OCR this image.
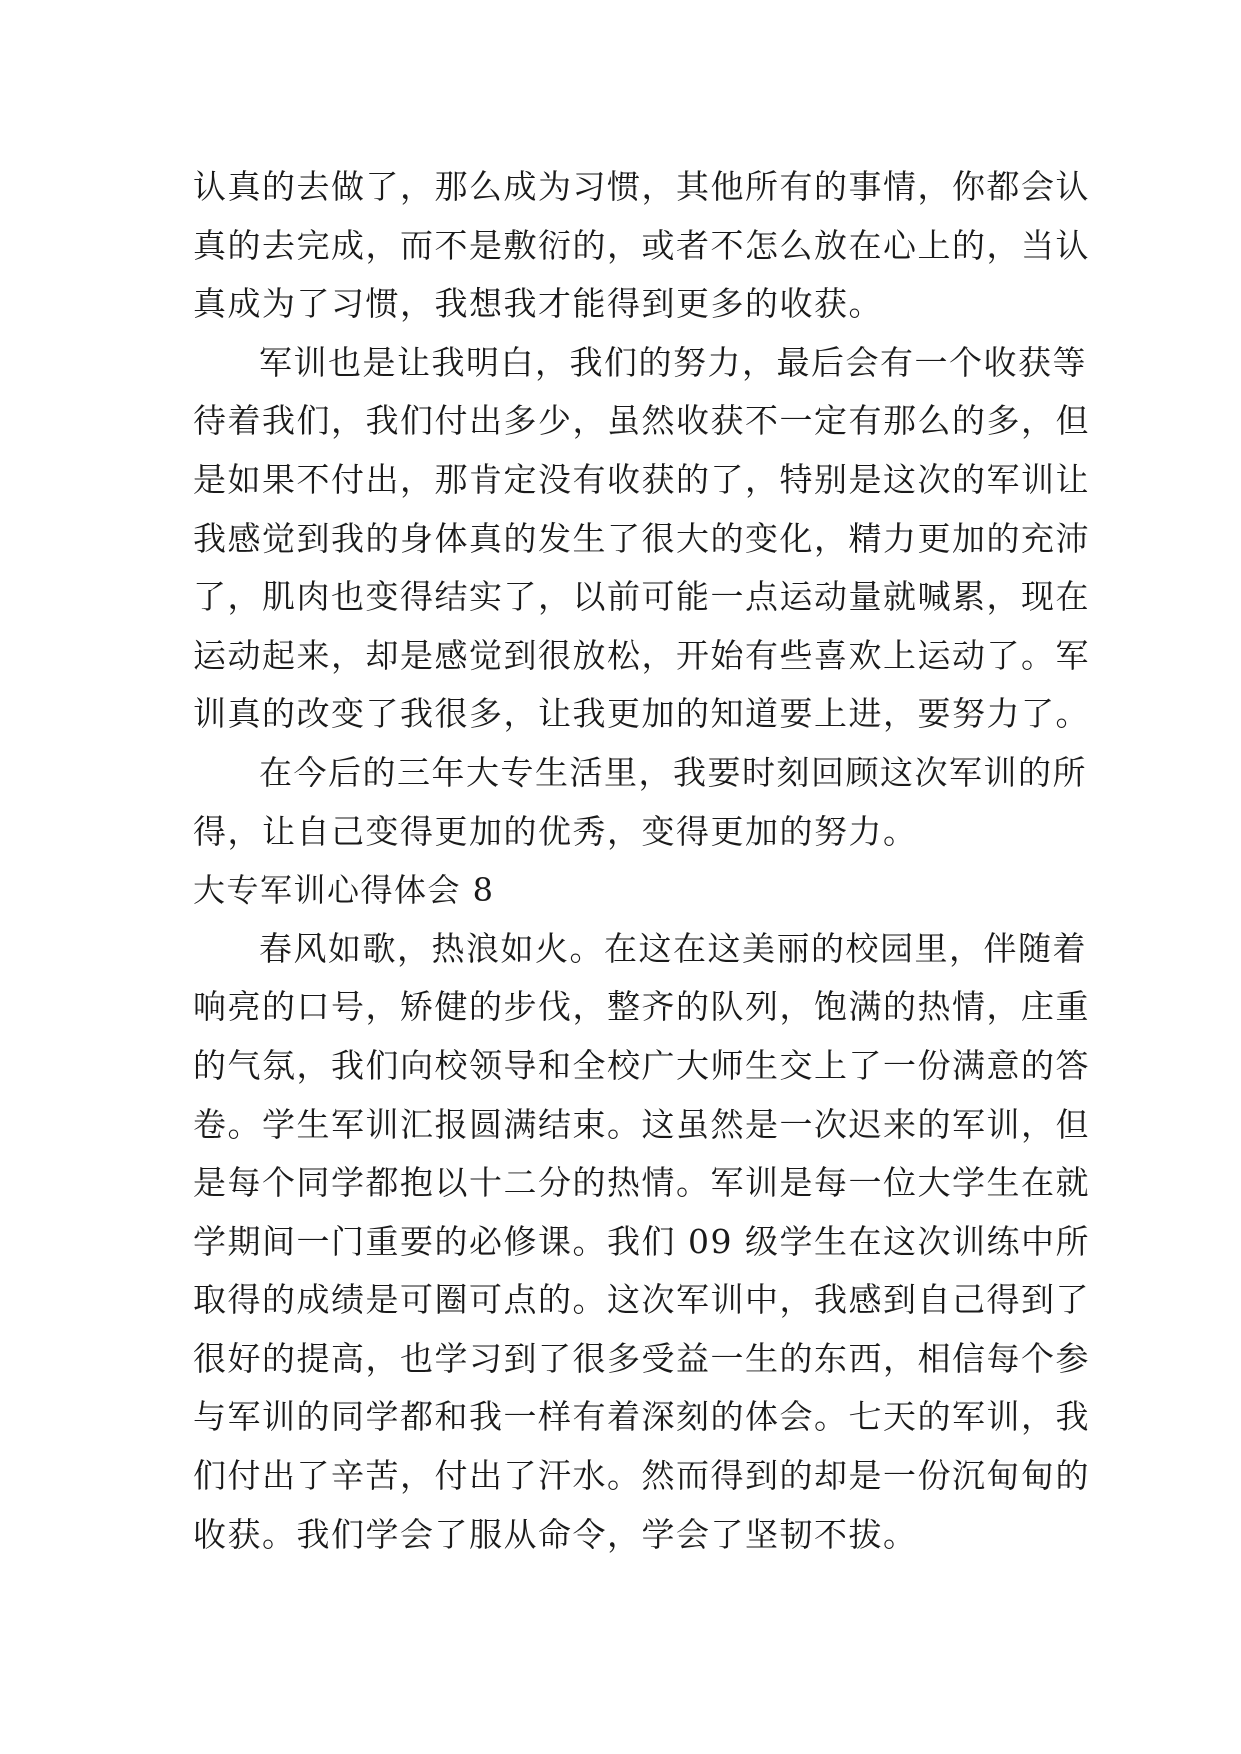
认真的去做了，那么成为习惯，其他所有的事情，你都会认
真的去完成，而不是敷衍的，或者不怎么放在心上的，当认
真成为了习惯，我想我才能得到更多的收获。
军训也是让我明白，我们的努力，最后会有一个收获等
待着我们，我们付出多少，虽然收获不一定有那么的多，但
是如果不付出，那肯定没有收获的了，特别是这次的军训让
我感觉到我的身体真的发生了很大的变化，精力更加的充沛
了，肌肉也变得结实了，以前可能一点运动量就喊累，现在
运动起来，却是感觉到很放松，开始有些喜欢上运动了。军
训真的改变了我很多，让我更加的知道要上进，要努力了。
在今后的三年大专生活里，我要时刻回顾这次军训的所
得，让自己变得更加的优秀，变得更加的努力。
大专军训心得体会 8
春风如歌，热浪如火。在这在这美丽的校园里，伴随着
响亮的口号，矫健的步伐，整齐的队列，饱满的热情，庄重
的气氛，我们向校领导和全校广大师生交上了一份满意的答
卷。学生军训汇报圆满结束。这虽然是一次迟来的军训，但
是每个同学都抱以十二分的热情。军训是每一位大学生在就
学期间一门重要的必修课。我们 09 级学生在这次训练中所
取得的成绩是可圈可点的。这次军训中，我感到自己得到了
很好的提高，也学习到了很多受益一生的东西，相信每个参
与军训的同学都和我一样有着深刻的体会。七天的军训，我
们付出了辛苦，付出了汗水。然而得到的却是一份沉甸甸的
收获。我们学会了服从命令，学会了坚韧不拔。
